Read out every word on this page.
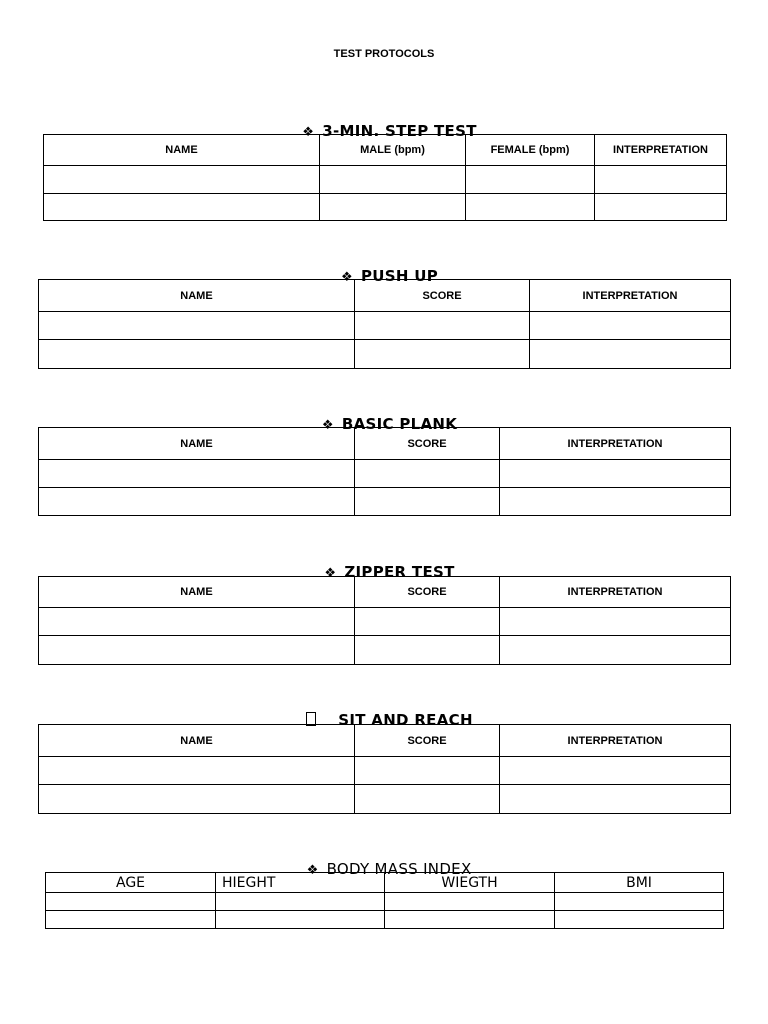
TEST PROTOCOLS

❖ 3-MIN. STEP TEST

NAME	MALE (bpm)	FEMALE (bpm)	INTERPRETATION

❖ PUSH UP

NAME	SCORE	INTERPRETATION

❖ BASIC PLANK

NAME	SCORE	INTERPRETATION

❖ ZIPPER TEST

NAME	SCORE	INTERPRETATION

SIT AND REACH

NAME	SCORE	INTERPRETATION

❖ BODY MASS INDEX

AGE	HIEGHT	WIEGTH	BMI
